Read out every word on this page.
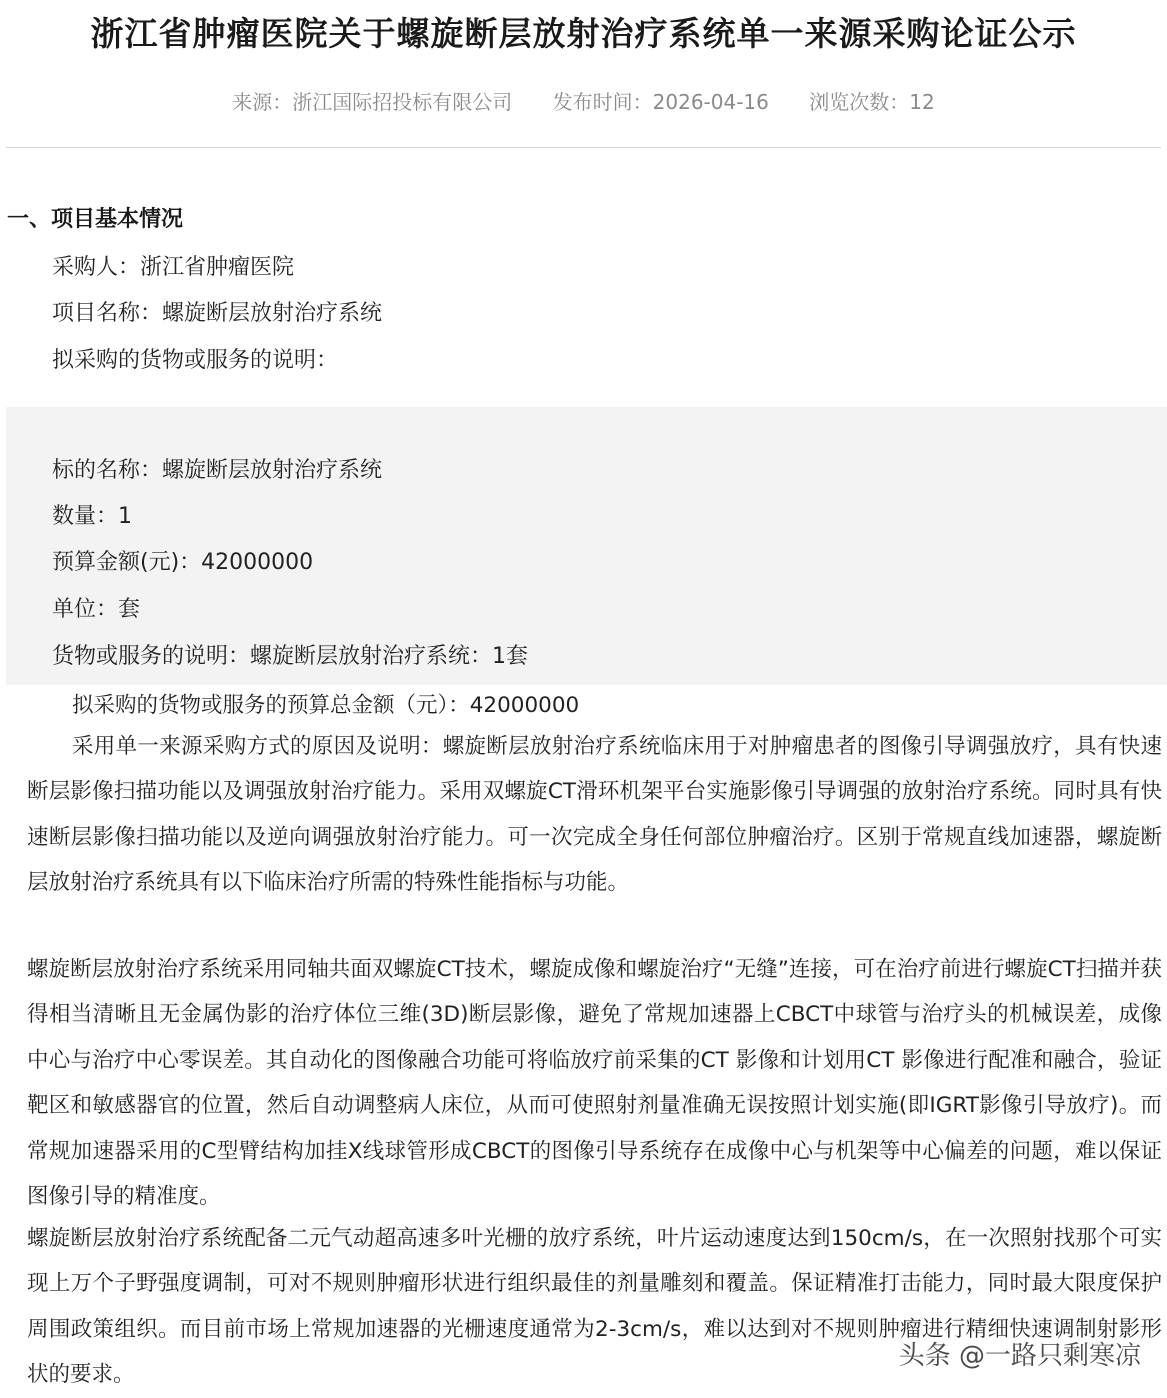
浙江省肿瘤医院关于螺旋断层放射治疗系统单一来源采购论证公示
来源：浙江国际招投标有限公司 发布时间：2026-04-16 浏览次数：12
一、项目基本情况
采购人：浙江省肿瘤医院
项目名称：螺旋断层放射治疗系统
拟采购的货物或服务的说明：
标的名称：螺旋断层放射治疗系统
数量：1
预算金额(元)：42000000
单位：套
货物或服务的说明：螺旋断层放射治疗系统：1套
拟采购的货物或服务的预算总金额（元）：42000000
采用单一来源采购方式的原因及说明：螺旋断层放射治疗系统临床用于对肿瘤患者的图像引导调强放疗，具有快速断层影像扫描功能以及调强放射治疗能力。采用双螺旋CT滑环机架平台实施影像引导调强的放射治疗系统。同时具有快速断层影像扫描功能以及逆向调强放射治疗能力。可一次完成全身任何部位肿瘤治疗。区别于常规直线加速器，螺旋断层放射治疗系统具有以下临床治疗所需的特殊性能指标与功能。
螺旋断层放射治疗系统采用同轴共面双螺旋CT技术，螺旋成像和螺旋治疗“无缝”连接，可在治疗前进行螺旋CT扫描并获得相当清晰且无金属伪影的治疗体位三维(3D)断层影像，避免了常规加速器上CBCT中球管与治疗头的机械误差，成像中心与治疗中心零误差。其自动化的图像融合功能可将临放疗前采集的CT 影像和计划用CT 影像进行配准和融合，验证靶区和敏感器官的位置，然后自动调整病人床位，从而可使照射剂量准确无误按照计划实施(即IGRT影像引导放疗)。而常规加速器采用的C型臂结构加挂X线球管形成CBCT的图像引导系统存在成像中心与机架等中心偏差的问题，难以保证图像引导的精准度。
螺旋断层放射治疗系统配备二元气动超高速多叶光栅的放疗系统，叶片运动速度达到150cm/s，在一次照射找那个可实现上万个子野强度调制，可对不规则肿瘤形状进行组织最佳的剂量雕刻和覆盖。保证精准打击能力，同时最大限度保护周围政策组织。而目前市场上常规加速器的光栅速度通常为2-3cm/s，难以达到对不规则肿瘤进行精细快速调制射影形状的要求。
头条 @一路只剩寒凉
